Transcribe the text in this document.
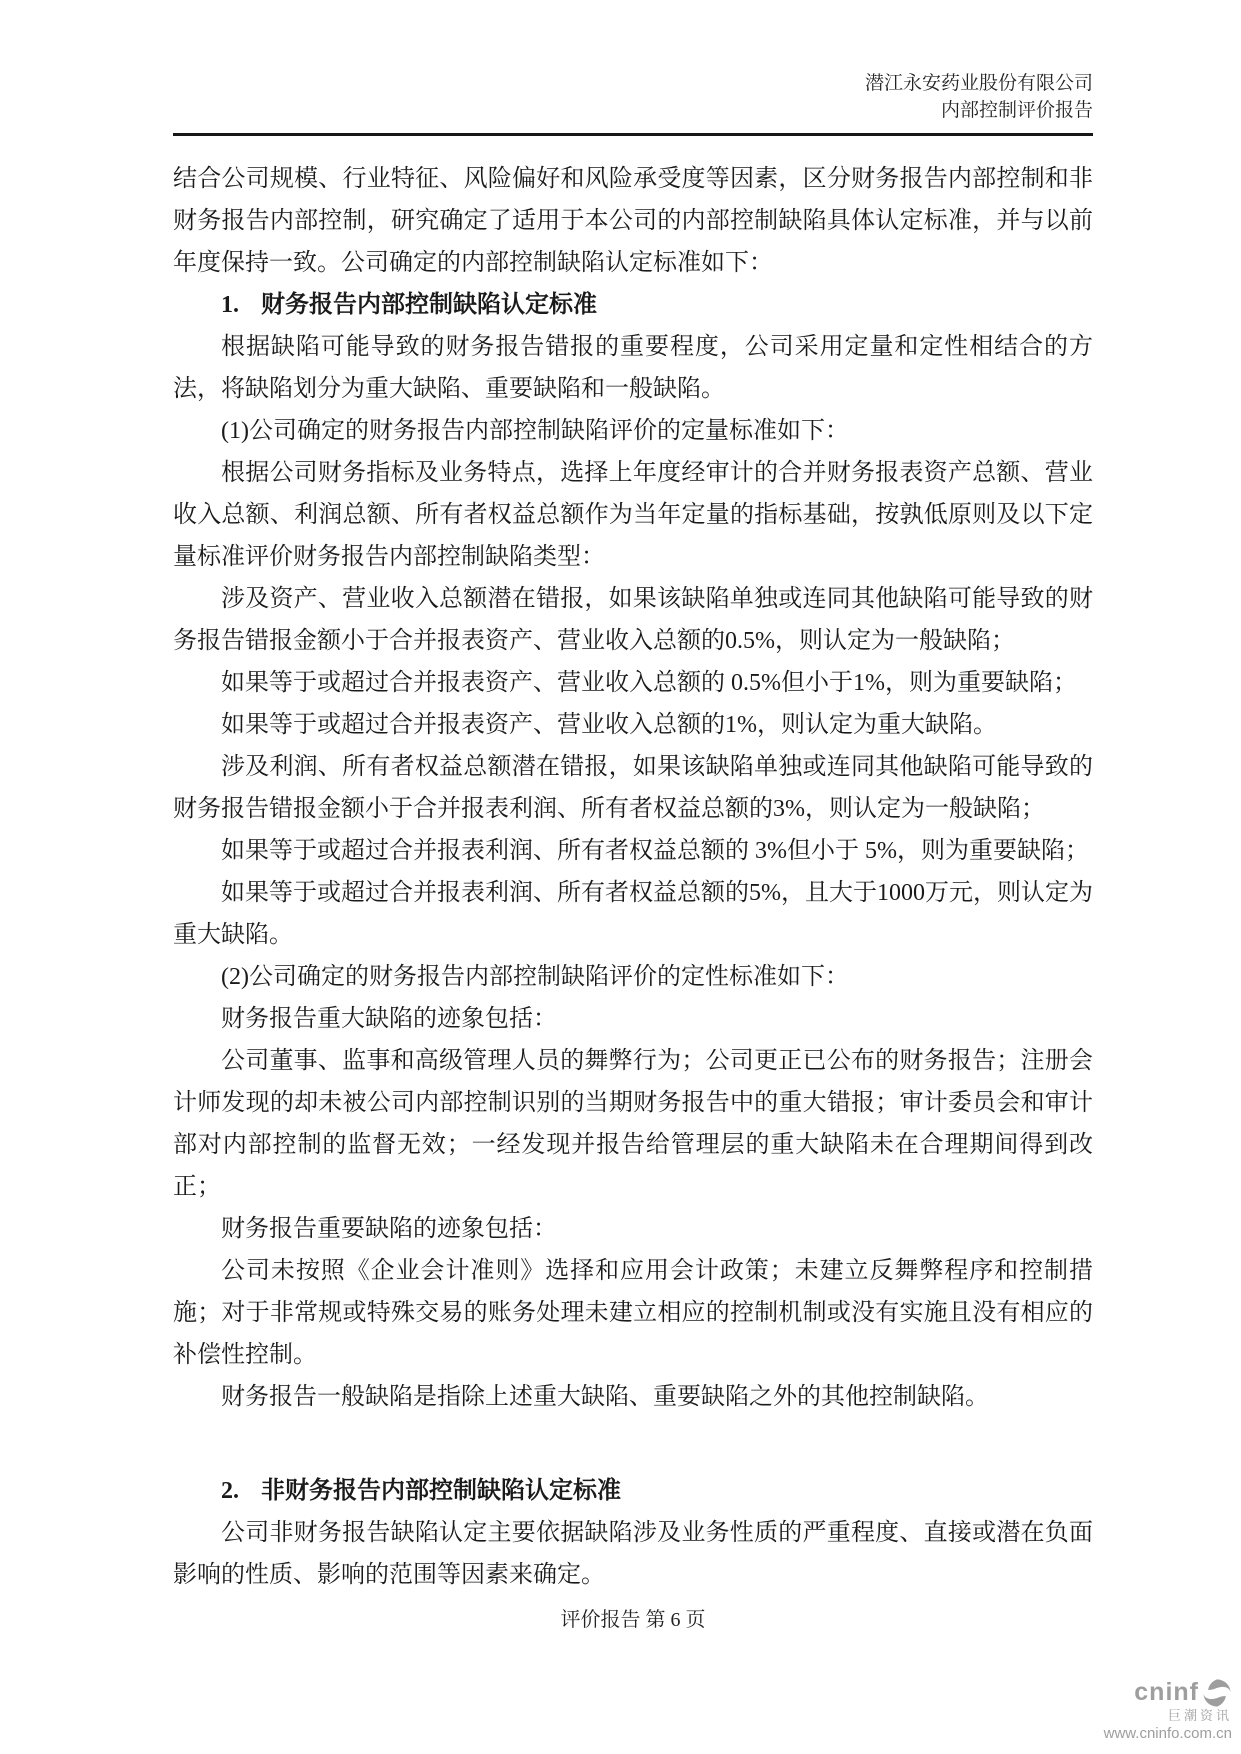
潜江永安药业股份有限公司
内部控制评价报告

结合公司规模、行业特征、风险偏好和风险承受度等因素，区分财务报告内部控制和非财务报告内部控制，研究确定了适用于本公司的内部控制缺陷具体认定标准，并与以前年度保持一致。公司确定的内部控制缺陷认定标准如下：

1. 财务报告内部控制缺陷认定标准

根据缺陷可能导致的财务报告错报的重要程度，公司采用定量和定性相结合的方法，将缺陷划分为重大缺陷、重要缺陷和一般缺陷。

(1)公司确定的财务报告内部控制缺陷评价的定量标准如下：

根据公司财务指标及业务特点，选择上年度经审计的合并财务报表资产总额、营业收入总额、利润总额、所有者权益总额作为当年定量的指标基础，按孰低原则及以下定量标准评价财务报告内部控制缺陷类型：

涉及资产、营业收入总额潜在错报，如果该缺陷单独或连同其他缺陷可能导致的财务报告错报金额小于合并报表资产、营业收入总额的0.5%，则认定为一般缺陷；

如果等于或超过合并报表资产、营业收入总额的 0.5%但小于1%，则为重要缺陷；

如果等于或超过合并报表资产、营业收入总额的1%，则认定为重大缺陷。

涉及利润、所有者权益总额潜在错报，如果该缺陷单独或连同其他缺陷可能导致的财务报告错报金额小于合并报表利润、所有者权益总额的3%，则认定为一般缺陷；

如果等于或超过合并报表利润、所有者权益总额的 3%但小于 5%，则为重要缺陷；

如果等于或超过合并报表利润、所有者权益总额的5%，且大于1000万元，则认定为重大缺陷。

(2)公司确定的财务报告内部控制缺陷评价的定性标准如下：

财务报告重大缺陷的迹象包括：

公司董事、监事和高级管理人员的舞弊行为；公司更正已公布的财务报告；注册会计师发现的却未被公司内部控制识别的当期财务报告中的重大错报；审计委员会和审计部对内部控制的监督无效；一经发现并报告给管理层的重大缺陷未在合理期间得到改正；

财务报告重要缺陷的迹象包括：

公司未按照《企业会计准则》选择和应用会计政策；未建立反舞弊程序和控制措施；对于非常规或特殊交易的账务处理未建立相应的控制机制或没有实施且没有相应的补偿性控制。

财务报告一般缺陷是指除上述重大缺陷、重要缺陷之外的其他控制缺陷。

2. 非财务报告内部控制缺陷认定标准

公司非财务报告缺陷认定主要依据缺陷涉及业务性质的严重程度、直接或潜在负面影响的性质、影响的范围等因素来确定。

评价报告 第 6 页
cninf
巨潮资讯
www.cninfo.com.cn
